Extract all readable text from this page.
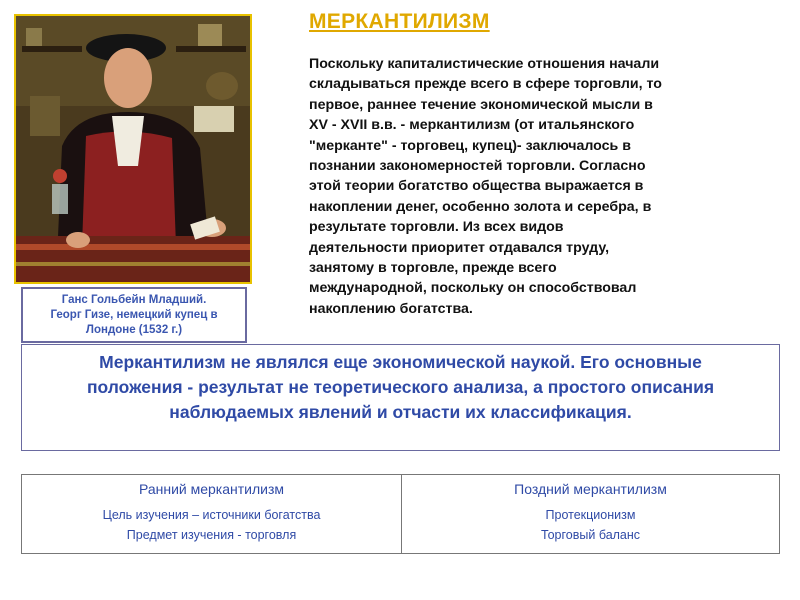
Ганс Гольбейн Младший.
Георг Гизе, немецкий купец в
Лондоне (1532 г.)
МЕРКАНТИЛИЗМ
Поскольку капиталистические отношения начали
складываться прежде всего в сфере торговли, то
первое, раннее течение экономической мысли в
XV - XVII в.в. - меркантилизм (от итальянского
"мерканте" - торговец, купец)- заключалось в
познании закономерностей торговли. Согласно
этой теории богатство общества выражается в
накоплении денег, особенно золота и серебра, в
результате торговли. Из всех видов
деятельности приоритет отдавался труду,
занятому в торговле, прежде всего
международной, поскольку он способствовал
накоплению богатства.
Меркантилизм не являлся еще экономической наукой. Его основные
положения - результат не теоретического анализа, а простого описания
наблюдаемых явлений и отчасти их классификация.
Ранний меркантилизм
Цель изучения – источники богатства
Предмет изучения - торговля
Поздний меркантилизм
Протекционизм
Торговый баланс
